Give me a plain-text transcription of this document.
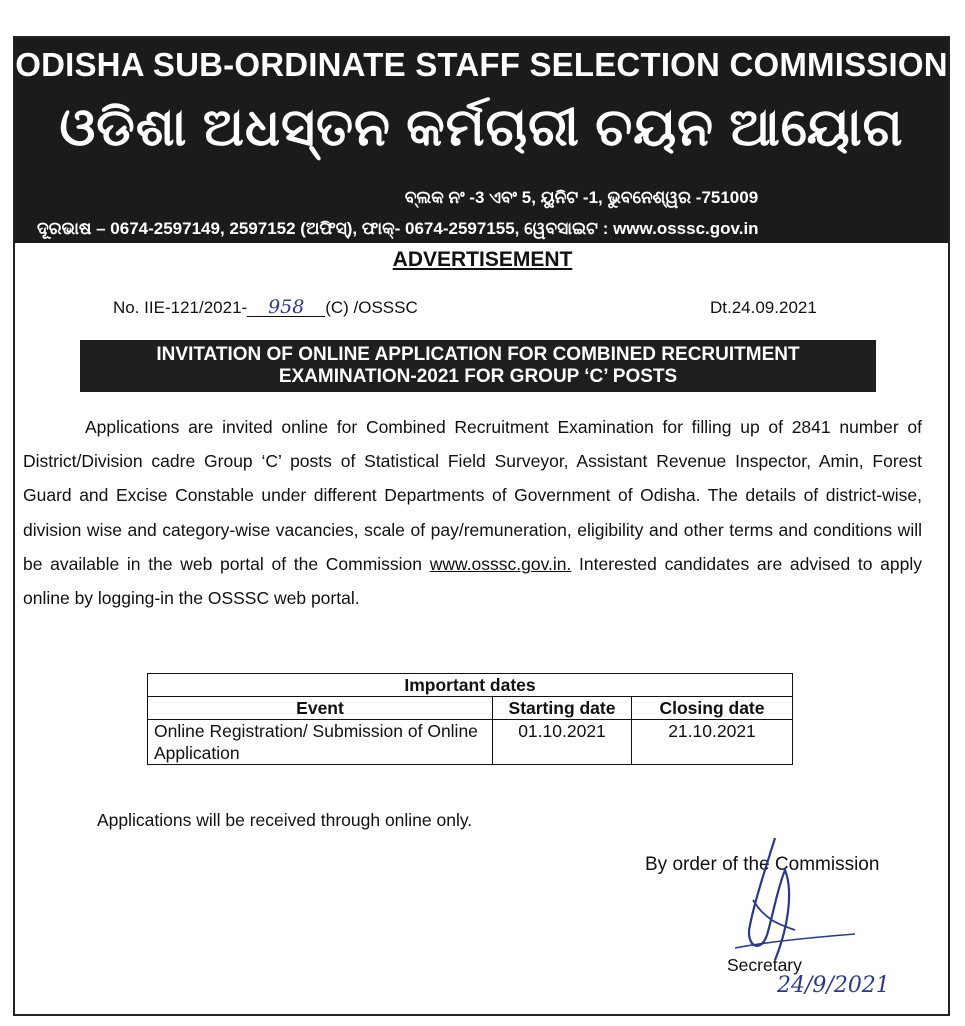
ODISHA SUB-ORDINATE STAFF SELECTION COMMISSION
ଓଡିଶା ଅଧସ୍ତନ କର୍ମଚାରୀ ଚୟନ ଆୟୋଗ
ବ୍ଲକ ନଂ -3 ଏବଂ 5, ୟୁନିଟ -1, ଭୁବନେଶ୍ୱର -751009
ଦୂରଭାଷ – 0674-2597149, 2597152 (ଅଫିସ୍), ଫାକ୍- 0674-2597155, ୱେବସାଇଟ : www.osssc.gov.in
ADVERTISEMENT
No. IIE-121/2021- 958 (C) /OSSSC	Dt.24.09.2021
INVITATION OF ONLINE APPLICATION FOR COMBINED RECRUITMENT
EXAMINATION-2021 FOR GROUP ‘C’ POSTS
Applications are invited online for Combined Recruitment Examination for filling up of 2841 number of District/Division cadre Group ‘C’ posts of Statistical Field Surveyor, Assistant Revenue Inspector, Amin, Forest Guard and Excise Constable under different Departments of Government of Odisha. The details of district-wise, division wise and category-wise vacancies, scale of pay/remuneration, eligibility and other terms and conditions will be available in the web portal of the Commission www.osssc.gov.in. Interested candidates are advised to apply online by logging-in the OSSSC web portal.
Important dates		
Event	Starting date	Closing date
Online Registration/ Submission of Online Application	01.10.2021	21.10.2021
Applications will be received through online only.
By order of the Commission
24/9/2021
Secretary
